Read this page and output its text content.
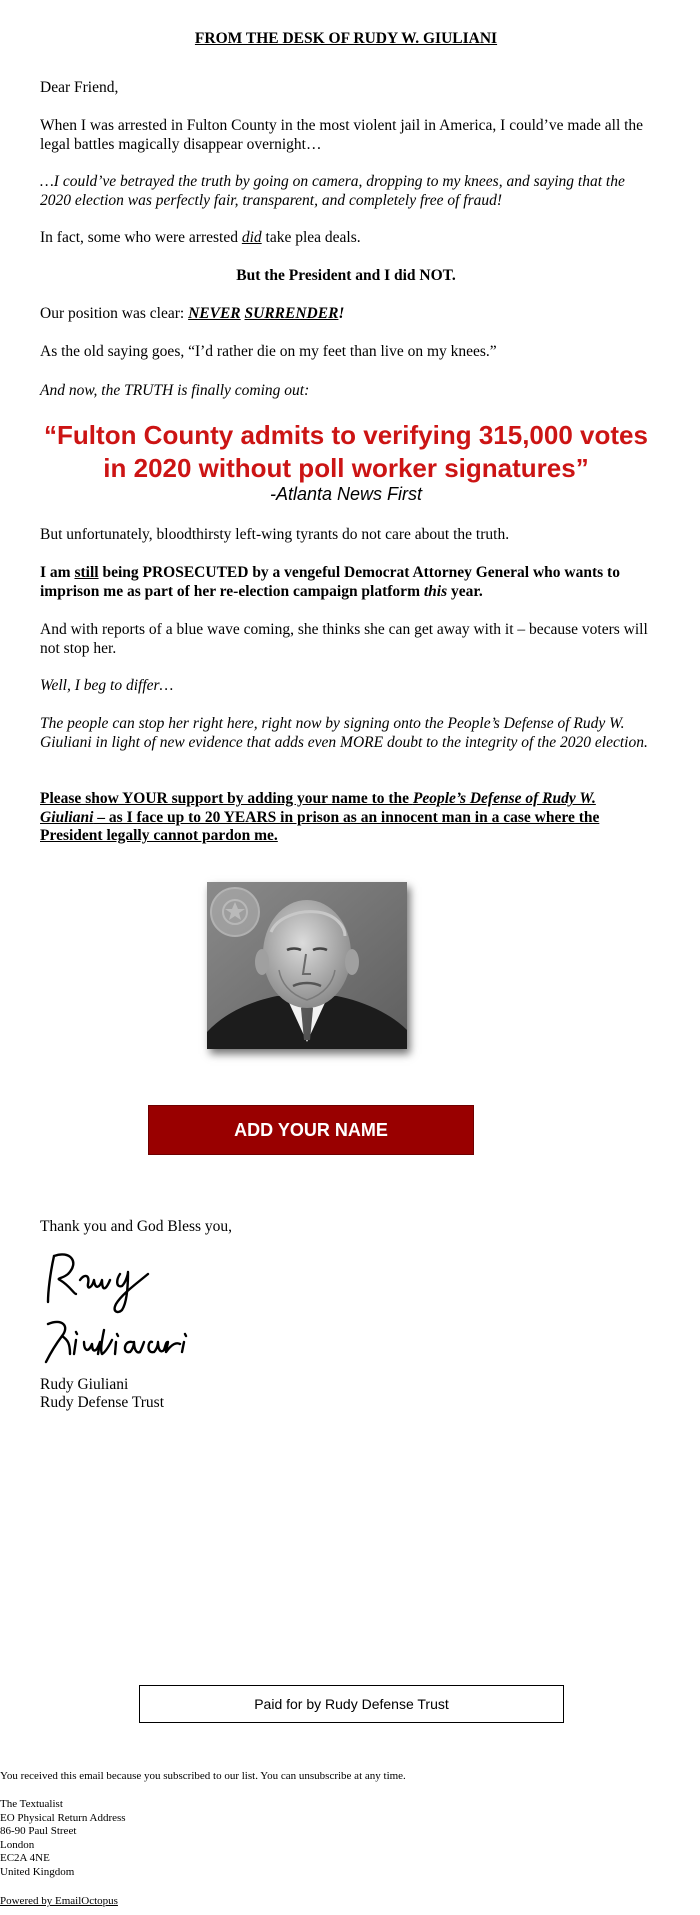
FROM THE DESK OF RUDY W. GIULIANI
Dear Friend,
When I was arrested in Fulton County in the most violent jail in America, I could’ve made all the legal battles magically disappear overnight…
…I could’ve betrayed the truth by going on camera, dropping to my knees, and saying that the 2020 election was perfectly fair, transparent, and completely free of fraud!
In fact, some who were arrested did take plea deals.
But the President and I did NOT.
Our position was clear: NEVER SURRENDER!
As the old saying goes, “I’d rather die on my feet than live on my knees.”
And now, the TRUTH is finally coming out:
“Fulton County admits to verifying 315,000 votes in 2020 without poll worker signatures”
-Atlanta News First
But unfortunately, bloodthirsty left-wing tyrants do not care about the truth.
I am still being PROSECUTED by a vengeful Democrat Attorney General who wants to imprison me as part of her re-election campaign platform this year.
And with reports of a blue wave coming, she thinks she can get away with it – because voters will not stop her.
Well, I beg to differ…
The people can stop her right here, right now by signing onto the People’s Defense of Rudy W. Giuliani in light of new evidence that adds even MORE doubt to the integrity of the 2020 election.
Please show YOUR support by adding your name to the People’s Defense of Rudy W. Giuliani – as I face up to 20 YEARS in prison as an innocent man in a case where the President legally cannot pardon me.
Thank you and God Bless you,
Rudy Giuliani
Rudy Defense Trust
ADD YOUR NAME
Paid for by Rudy Defense Trust
You received this email because you subscribed to our list. You can unsubscribe at any time.
The Textualist
EO Physical Return Address
86-90 Paul Street
London
EC2A 4NE
United Kingdom
Powered by EmailOctopus
